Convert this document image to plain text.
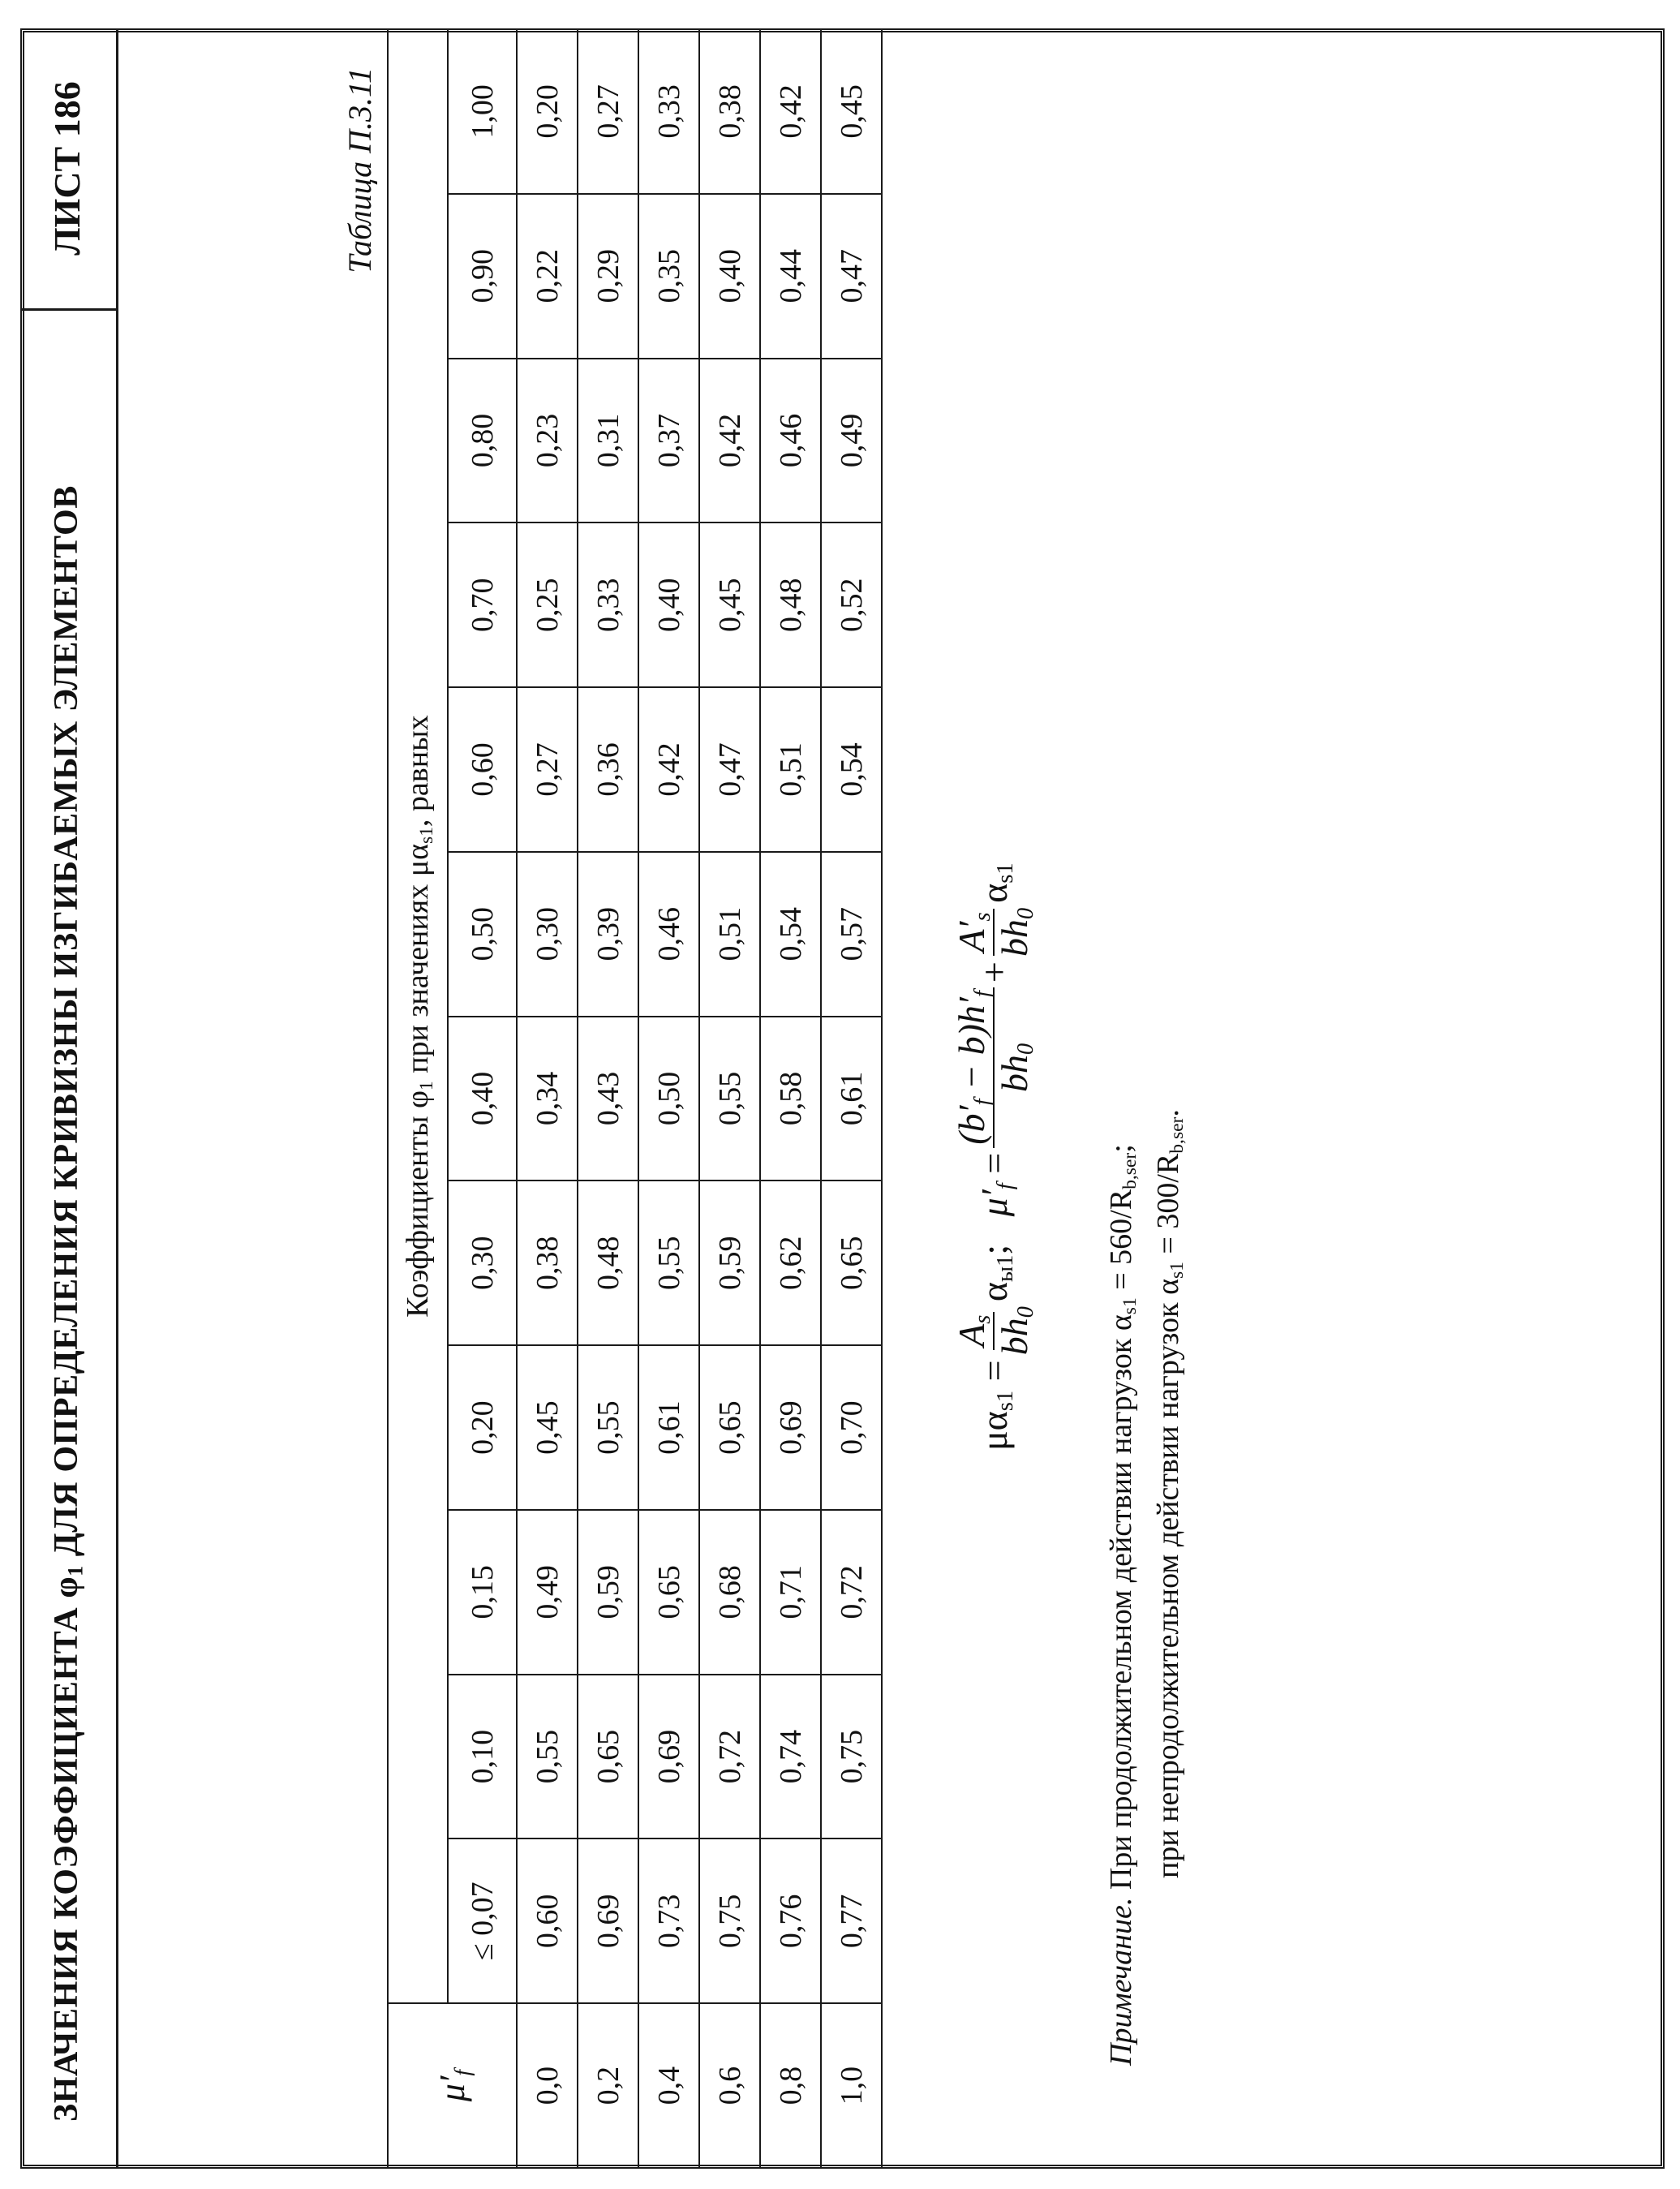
ЗНАЧЕНИЯ КОЭФФИЦИЕНТА $\varphi_1$ ДЛЯ ОПРЕДЕЛЕНИЯ КРИВИЗНЫ ИЗГИБАЕМЫХ ЭЛЕМЕНТОВ
ЛИСТ 186	Таблица П.3.11
$\mu'_f$	Коэффициенты $\varphi_1$ при значениях $\mu\alpha_{s1}$, равных											
	≤ 0,07	0,10	0,15	0,20	0,30	0,40	0,50	0,60	0,70	0,80	0,90	1,00
0,0	0,60	0,55	0,49	0,45	0,38	0,34	0,30	0,27	0,25	0,23	0,22	0,20
0,2	0,69	0,65	0,59	0,55	0,48	0,43	0,39	0,36	0,33	0,31	0,29	0,27
0,4	0,73	0,69	0,65	0,61	0,55	0,50	0,46	0,42	0,40	0,37	0,35	0,33
0,6	0,75	0,72	0,68	0,65	0,59	0,55	0,51	0,47	0,45	0,42	0,40	0,38
0,8	0,76	0,74	0,71	0,69	0,62	0,58	0,54	0,51	0,48	0,46	0,44	0,42
1,0	0,77	0,75	0,72	0,70	0,65	0,61	0,57	0,54	0,52	0,49	0,47	0,45
$\mu\alpha_{s1}$ =
$A_s$
$bh_0$
$\alpha_{ы1}$;   $\mu'_f$ =
$(b'_f - b)h'_f$
$bh_0$
+
$A'_s$
$bh_0$
$\alpha_{s1}$
Примечание. При продолжительном действии нагрузок $\alpha_{s1} = 560/R_{b,ser}$;
при непродолжительном действии нагрузок $\alpha_{s1} = 300/R_{b,ser}$.
